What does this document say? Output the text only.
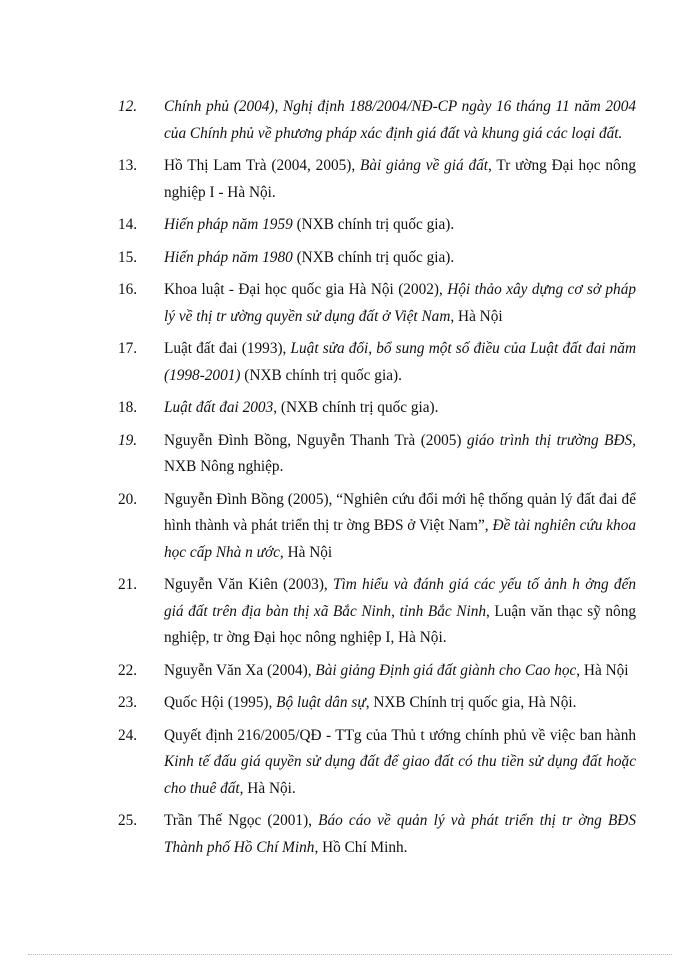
12.	Chính phủ (2004), Nghị định 188/2004/NĐ-CP ngày 16 tháng 11 năm 2004 của Chính phủ về phương pháp xác định giá đất và khung giá các loại đất.
13.	Hồ Thị Lam Trà (2004, 2005), Bài giảng về giá đất, Tr ường Đại học nông nghiệp I - Hà Nội.
14.	Hiến pháp năm 1959 (NXB chính trị quốc gia).
15.	Hiến pháp năm 1980 (NXB chính trị quốc gia).
16.	Khoa luật - Đại học quốc gia Hà Nội (2002), Hội thảo xây dựng cơ sở pháp lý về thị tr ường quyền sử dụng đất ở Việt Nam, Hà Nội
17.	Luật đất đai (1993), Luật sửa đổi, bổ sung một số điều của Luật đất đai năm (1998-2001) (NXB chính trị quốc gia).
18.	Luật đất đai 2003, (NXB chính trị quốc gia).
19.	Nguyễn Đình Bồng, Nguyễn Thanh Trà (2005) giáo trình thị trường BĐS, NXB Nông nghiệp.
20.	Nguyễn Đình Bồng (2005), “Nghiên cứu đổi mới hệ thống quản lý đất đai để hình thành và phát triển thị tr ờng BĐS ở Việt Nam”, Đề tài nghiên cứu khoa học cấp Nhà n ước, Hà Nội
21.	Nguyễn Văn Kiên (2003), Tìm hiểu và đánh giá các yếu tố ảnh h ởng đến giá đất trên địa bàn thị xã Bắc Ninh, tỉnh Bắc Ninh, Luận văn thạc sỹ nông nghiệp, tr ờng Đại học nông nghiệp I, Hà Nội.
22.	Nguyễn Văn Xa (2004), Bài giảng Định giá đất giành cho Cao học, Hà Nội
23.	Quốc Hội (1995), Bộ luật dân sự, NXB Chính trị quốc gia, Hà Nội.
24.	Quyết định 216/2005/QĐ - TTg của Thủ t ướng chính phủ về việc ban hành Kinh tế đấu giá quyền sử dụng đất để giao đất có thu tiền sử dụng đất hoặc cho thuê đất, Hà Nội.
25.	Trần Thế Ngọc (2001), Báo cáo về quản lý và phát triển thị tr ờng BĐS Thành phố Hồ Chí Minh, Hồ Chí Minh.
